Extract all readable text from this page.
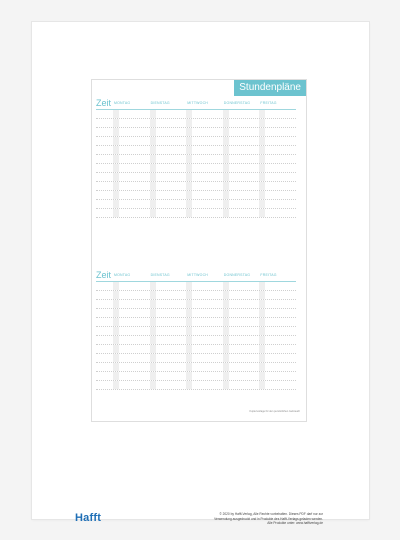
Stundenpläne
Zeit MONTAG	DIENSTAG	MITTWOCH	DONNERSTAG	FREITAG
Zeit MONTAG	DIENSTAG	MITTWOCH	DONNERSTAG	FREITAG
Kopiervorlage für den persönlichen Gebrauch
Hafft	© 2020 by Hafft-Verlag, Alle Rechte vorbehalten. Dieses PDF darf nur zur
Verwendung ausgedruckt und in Produkte des Hafft-Verlags geladen werden.
Alle Produkte unter: www.hafftverlag.de
